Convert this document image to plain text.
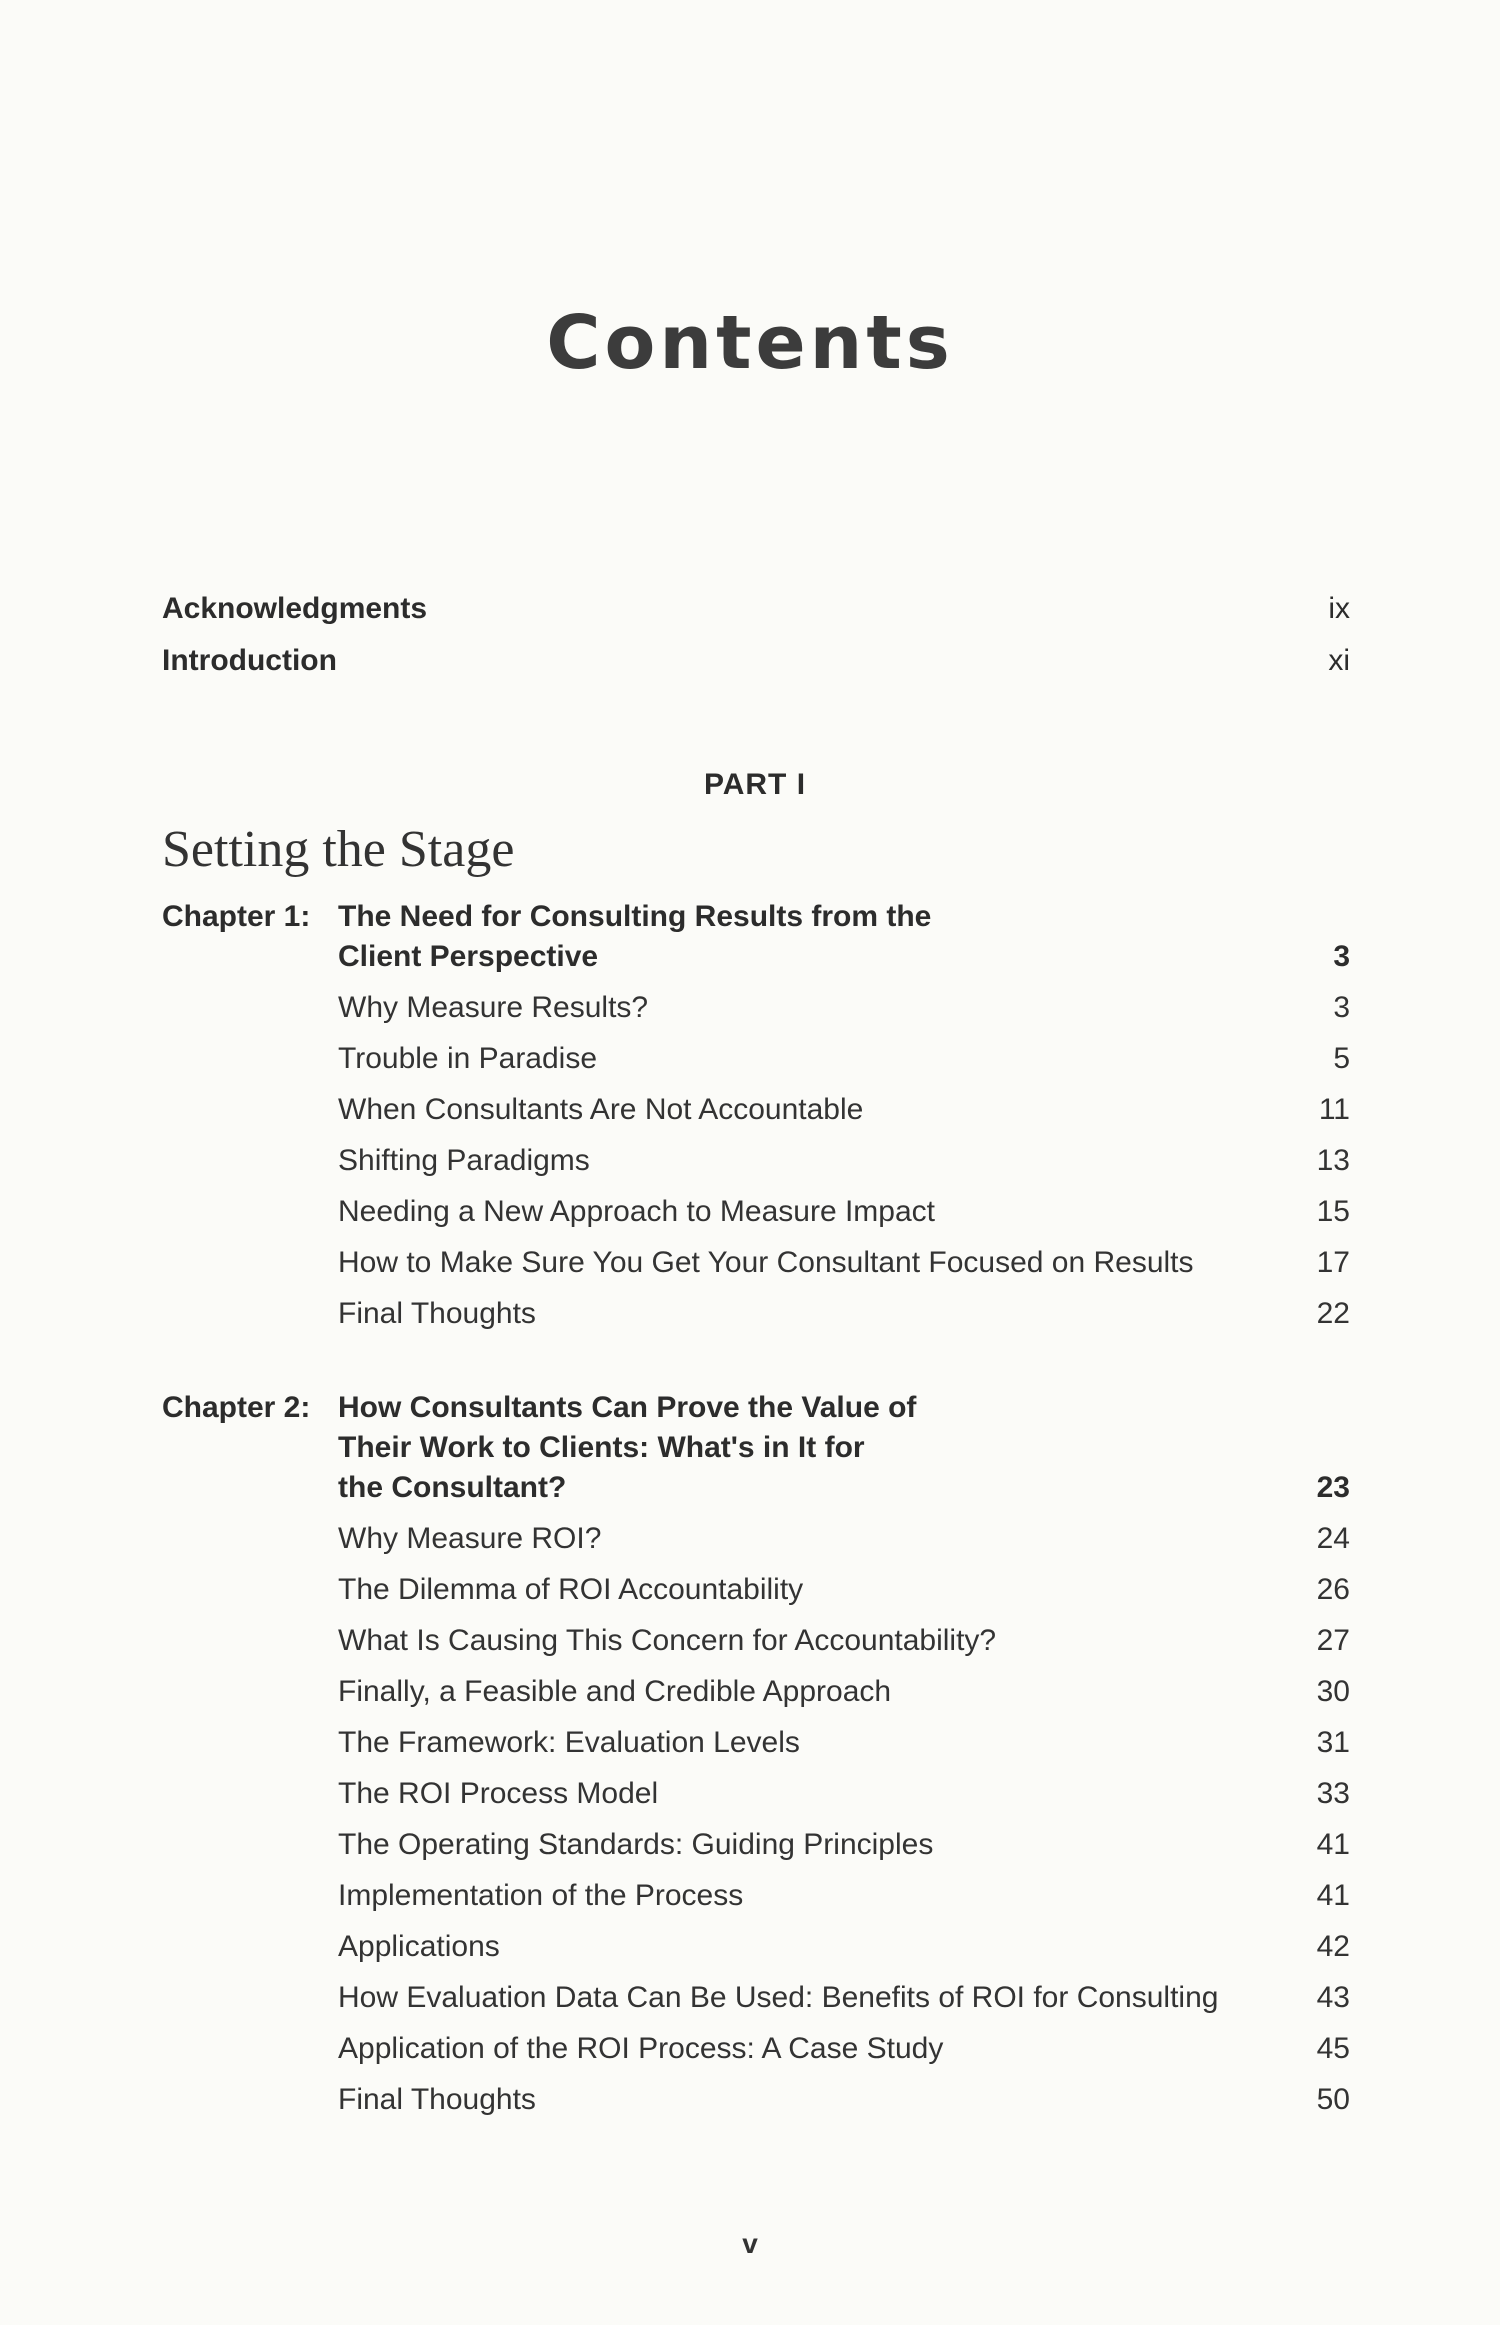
Contents
Acknowledgments	ix
Introduction	xi
PART I
Setting the Stage
Chapter 1: The Need for Consulting Results from the
Client Perspective	3
Why Measure Results?	3
Trouble in Paradise	5
When Consultants Are Not Accountable	11
Shifting Paradigms	13
Needing a New Approach to Measure Impact	15
How to Make Sure You Get Your Consultant Focused on Results	17
Final Thoughts	22
Chapter 2: How Consultants Can Prove the Value of
Their Work to Clients: What's in It for
the Consultant?	23
Why Measure ROI?	24
The Dilemma of ROI Accountability	26
What Is Causing This Concern for Accountability?	27
Finally, a Feasible and Credible Approach	30
The Framework: Evaluation Levels	31
The ROI Process Model	33
The Operating Standards: Guiding Principles	41
Implementation of the Process	41
Applications	42
How Evaluation Data Can Be Used: Benefits of ROI for Consulting	43
Application of the ROI Process: A Case Study	45
Final Thoughts	50
v
